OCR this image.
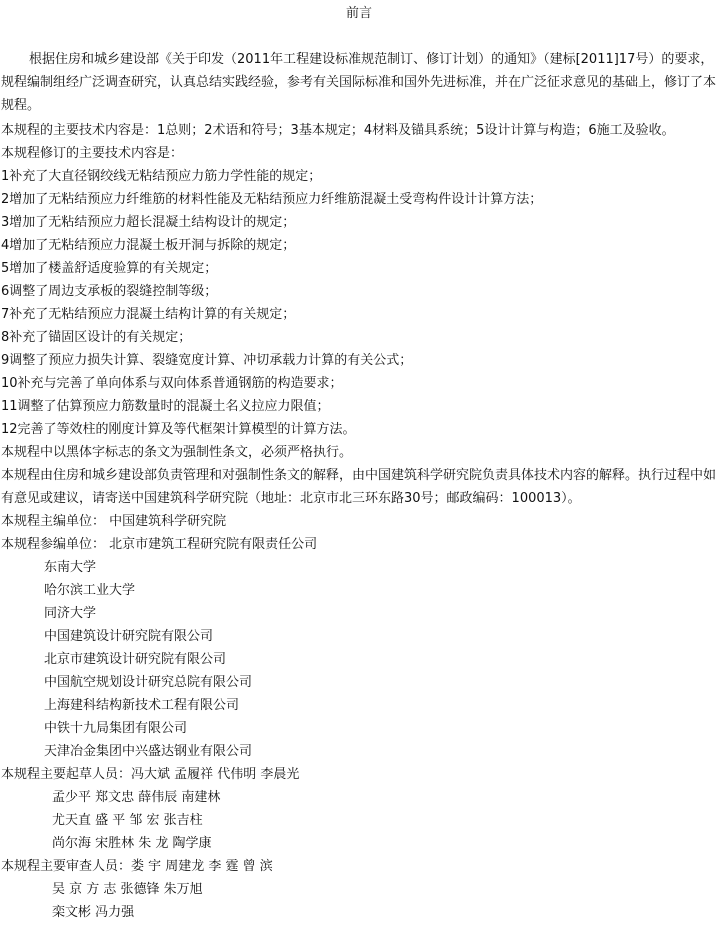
前言

根据住房和城乡建设部《关于印发（2011年工程建设标准规范制订、修订计划）的通知》（建标[2011]17号）的要求，规程编制组经广泛调查研究，认真总结实践经验，参考有关国际标准和国外先进标准，并在广泛征求意见的基础上，修订了本规程。

本规程的主要技术内容是：1总则；2术语和符号；3基本规定；4材料及锚具系统；5设计计算与构造；6施工及验收。
本规程修订的主要技术内容是：
1补充了大直径钢绞线无粘结预应力筋力学性能的规定；
2增加了无粘结预应力纤维筋的材料性能及无粘结预应力纤维筋混凝土受弯构件设计计算方法；
3增加了无粘结预应力超长混凝土结构设计的规定；
4增加了无粘结预应力混凝土板开洞与拆除的规定；
5增加了楼盖舒适度验算的有关规定；
6调整了周边支承板的裂缝控制等级；
7补充了无粘结预应力混凝土结构计算的有关规定；
8补充了锚固区设计的有关规定；
9调整了预应力损失计算、裂缝宽度计算、冲切承载力计算的有关公式；
10补充与完善了单向体系与双向体系普通钢筋的构造要求；
11调整了估算预应力筋数量时的混凝土名义拉应力限值；
12完善了等效柱的刚度计算及等代框架计算模型的计算方法。
本规程中以黑体字标志的条文为强制性条文，必须严格执行。
本规程由住房和城乡建设部负责管理和对强制性条文的解释，由中国建筑科学研究院负责具体技术内容的解释。执行过程中如有意见或建议，请寄送中国建筑科学研究院（地址：北京市北三环东路30号；邮政编码：100013）。
本规程主编单位： 中国建筑科学研究院
本规程参编单位： 北京市建筑工程研究院有限责任公司
东南大学
哈尔滨工业大学
同济大学
中国建筑设计研究院有限公司
北京市建筑设计研究院有限公司
中国航空规划设计研究总院有限公司
上海建科结构新技术工程有限公司
中铁十九局集团有限公司
天津冶金集团中兴盛达钢业有限公司
本规程主要起草人员：冯大斌 孟履祥 代伟明 李晨光
孟少平 郑文忠 薛伟辰 南建林
尤天直 盛 平 邹 宏 张吉柱
尚尔海 宋胜林 朱 龙 陶学康
本规程主要审查人员：娄 宇 周建龙 李 霆 曾 滨
吴 京 方 志 张德锋 朱万旭
栾文彬 冯力强
